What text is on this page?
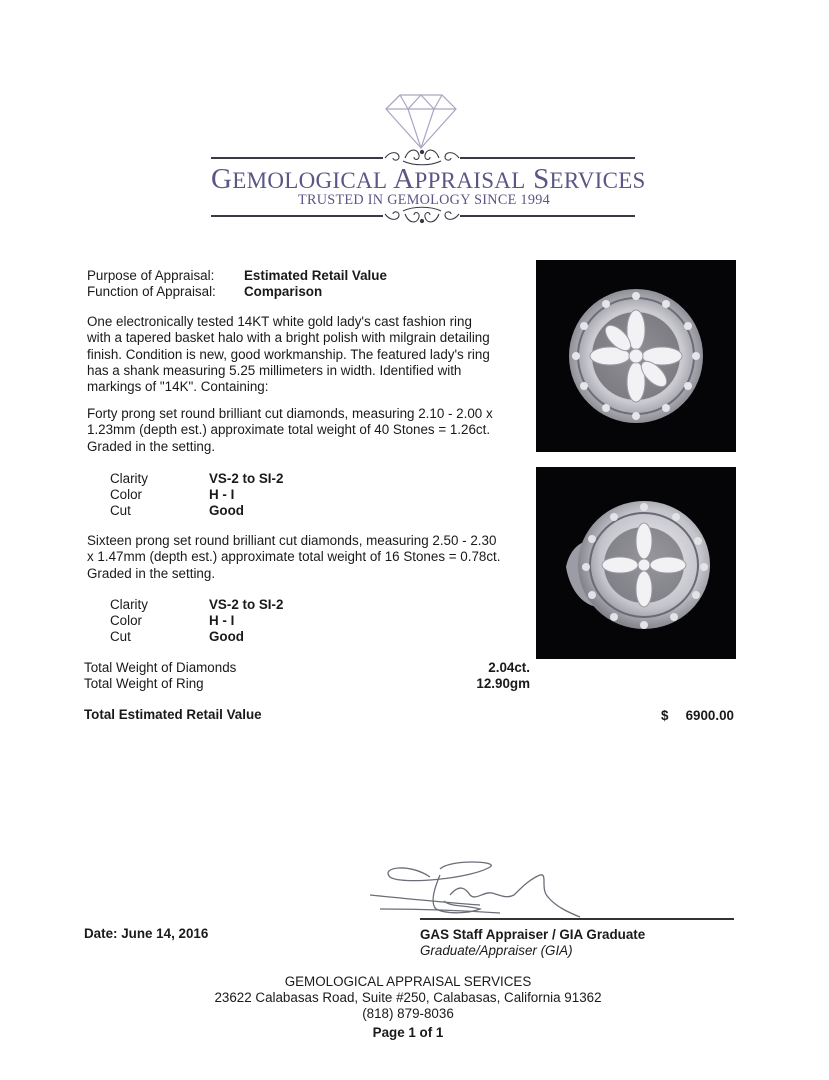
GEMOLOGICAL APPRAISAL SERVICES
TRUSTED IN GEMOLOGY SINCE 1994
Purpose of Appraisal: Estimated Retail Value
Function of Appraisal: Comparison
One electronically tested 14KT white gold lady's cast fashion ring with a tapered basket halo with a bright polish with milgrain detailing finish. Condition is new, good workmanship. The featured lady's ring has a shank measuring 5.25 millimeters in width. Identified with markings of "14K". Containing:
Forty prong set round brilliant cut diamonds, measuring 2.10 - 2.00 x 1.23mm (depth est.) approximate total weight of 40 Stones = 1.26ct. Graded in the setting.
Clarity	VS-2 to SI-2
Color	H - I
Cut	Good
Sixteen prong set round brilliant cut diamonds, measuring 2.50 - 2.30 x 1.47mm (depth est.) approximate total weight of 16 Stones = 0.78ct. Graded in the setting.
Clarity	VS-2 to SI-2
Color	H - I
Cut	Good
Total Weight of Diamonds	2.04ct.
Total Weight of Ring	12.90gm
Total Estimated Retail Value	$	6900.00
GAS Staff Appraiser / GIA Graduate
Graduate/Appraiser (GIA)
Date: June 14, 2016
GEMOLOGICAL APPRAISAL SERVICES
23622 Calabasas Road, Suite #250, Calabasas, California 91362
(818) 879-8036
Page 1 of 1
